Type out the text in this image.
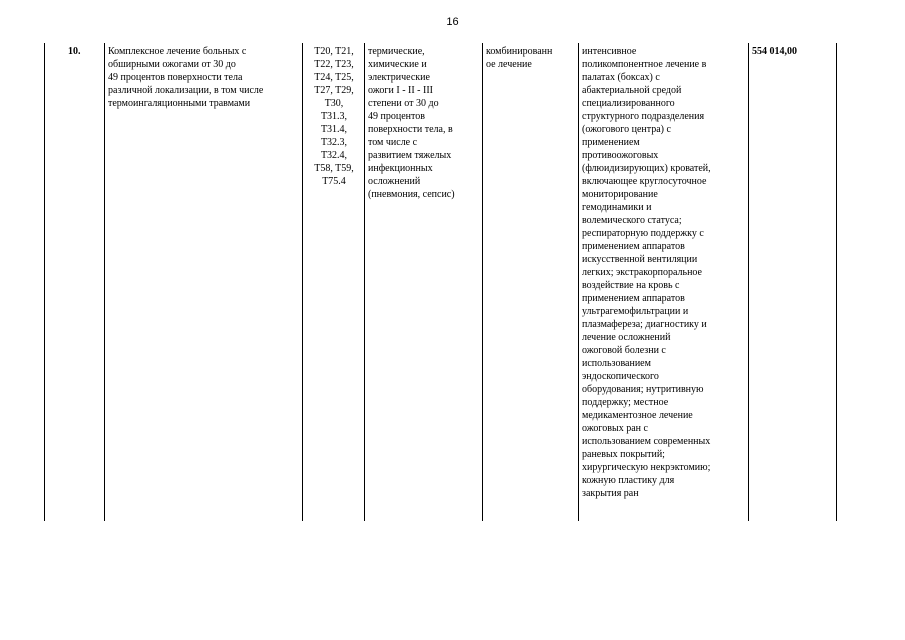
16
10.	Комплексное лечение больных с
обширными ожогами от 30 до
49 процентов поверхности тела
различной локализации, в том числе
термоингаляционными травмами
T20, T21,
T22, T23,
T24, T25,
T27, T29,
T30,
T31.3,
T31.4,
T32.3,
T32.4,
T58, T59,
T75.4
термические,
химические и
электрические
ожоги I - II - III
степени от 30 до
49 процентов
поверхности тела, в
том числе с
развитием тяжелых
инфекционных
осложнений
(пневмония, сепсис)
комбинированн
ое лечение
интенсивное
поликомпонентное лечение в
палатах (боксах) с
абактериальной средой
специализированного
структурного подразделения
(ожогового центра) с
применением
противоожоговых
(флюидизирующих) кроватей,
включающее круглосуточное
мониторирование
гемодинамики и
волемического статуса;
респираторную поддержку с
применением аппаратов
искусственной вентиляции
легких; экстракорпоральное
воздействие на кровь с
применением аппаратов
ультрагемофильтрации и
плазмафереза; диагностику и
лечение осложнений
ожоговой болезни с
использованием
эндоскопического
оборудования; нутритивную
поддержку; местное
медикаментозное лечение
ожоговых ран с
использованием современных
раневых покрытий;
хирургическую некрэктомию;
кожную пластику для
закрытия ран
554 014,00
